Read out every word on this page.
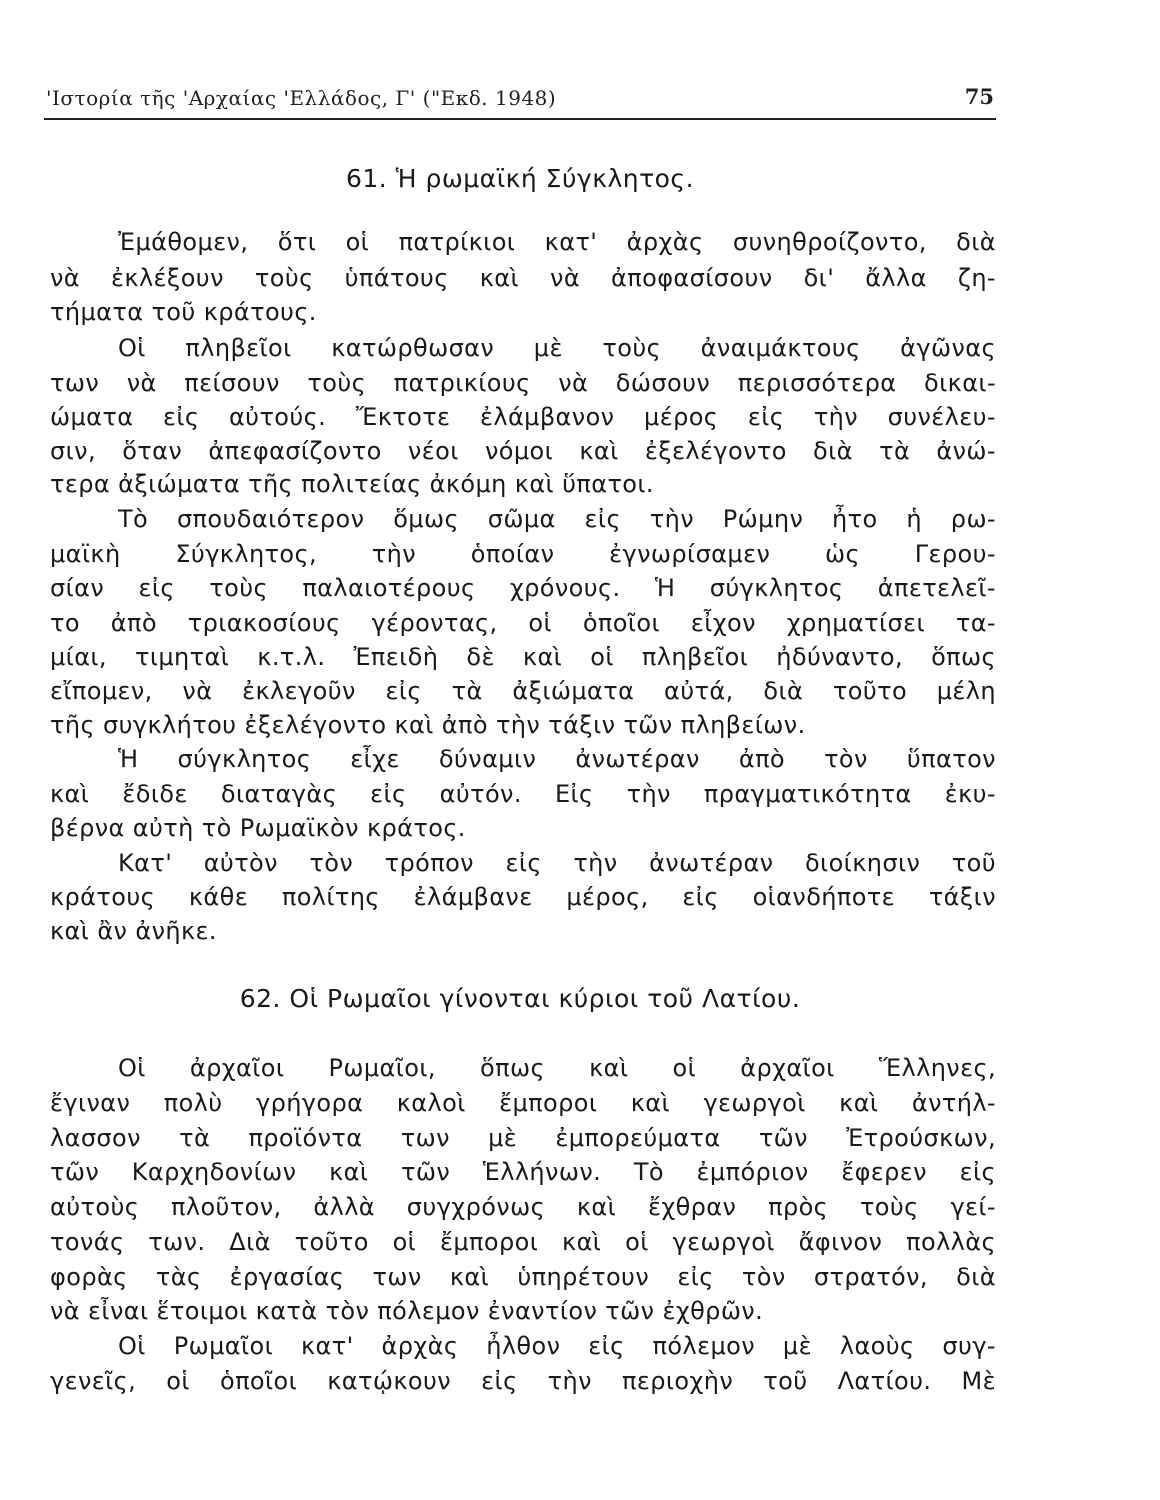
'Ιστορία τῆς 'Αρχαίας 'Ελλάδος, Γ' ("Εκδ. 1948)	75
61. Ἡ ρωμαϊκή Σύγκλητος.
Ἐμάθομεν, ὅτι οἱ πατρίκιοι κατ' ἀρχὰς συνηθροίζοντο, διὰ
νὰ ἐκλέξουν τοὺς ὑπάτους καὶ νὰ ἀποφασίσουν δι' ἄλλα ζη-
τήματα τοῦ κράτους.
Οἱ πληβεῖοι κατώρθωσαν μὲ τοὺς ἀναιμάκτους ἀγῶνας
των νὰ πείσουν τοὺς πατρικίους νὰ δώσουν περισσότερα δικαι-
ώματα εἰς αὐτούς. Ἔκτοτε ἐλάμβανον μέρος εἰς τὴν συνέλευ-
σιν, ὅταν ἀπεφασίζοντο νέοι νόμοι καὶ ἐξελέγοντο διὰ τὰ ἀνώ-
τερα ἀξιώματα τῆς πολιτείας ἀκόμη καὶ ὕπατοι.
Τὸ σπουδαιότερον ὅμως σῶμα εἰς τὴν Ρώμην ἦτο ἡ ρω-
μαϊκὴ Σύγκλητος, τὴν ὁποίαν ἐγνωρίσαμεν ὡς Γερου-
σίαν εἰς τοὺς παλαιοτέρους χρόνους. Ἡ σύγκλητος ἀπετελεῖ-
το ἀπὸ τριακοσίους γέροντας, οἱ ὁποῖοι εἶχον χρηματίσει τα-
μίαι, τιμηταὶ κ.τ.λ. Ἐπειδὴ δὲ καὶ οἱ πληβεῖοι ἠδύναντο, ὅπως
εἴπομεν, νὰ ἐκλεγοῦν εἰς τὰ ἀξιώματα αὐτά, διὰ τοῦτο μέλη
τῆς συγκλήτου ἐξελέγοντο καὶ ἀπὸ τὴν τάξιν τῶν πληβείων.
Ἡ σύγκλητος εἶχε δύναμιν ἀνωτέραν ἀπὸ τὸν ὕπατον
καὶ ἔδιδε διαταγὰς εἰς αὐτόν. Εἰς τὴν πραγματικότητα ἐκυ-
βέρνα αὐτὴ τὸ Ρωμαϊκὸν κράτος.
Κατ' αὐτὸν τὸν τρόπον εἰς τὴν ἀνωτέραν διοίκησιν τοῦ
κράτους κάθε πολίτης ἐλάμβανε μέρος, εἰς οἱανδήποτε τάξιν
καὶ ἂν ἀνῆκε.
62. Οἱ Ρωμαῖοι γίνονται κύριοι τοῦ Λατίου.
Οἱ ἀρχαῖοι Ρωμαῖοι, ὅπως καὶ οἱ ἀρχαῖοι Ἕλληνες,
ἔγιναν πολὺ γρήγορα καλοὶ ἔμποροι καὶ γεωργοὶ καὶ ἀντήλ-
λασσον τὰ προϊόντα των μὲ ἐμπορεύματα τῶν Ἐτρούσκων,
τῶν Καρχηδονίων καὶ τῶν Ἑλλήνων. Τὸ ἐμπόριον ἔφερεν εἰς
αὐτοὺς πλοῦτον, ἀλλὰ συγχρόνως καὶ ἔχθραν πρὸς τοὺς γεί-
τονάς των. Διὰ τοῦτο οἱ ἔμποροι καὶ οἱ γεωργοὶ ἄφινον πολλὰς
φορὰς τὰς ἐργασίας των καὶ ὑπηρέτουν εἰς τὸν στρατόν, διὰ
νὰ εἶναι ἕτοιμοι κατὰ τὸν πόλεμον ἐναντίον τῶν ἐχθρῶν.
Οἱ Ρωμαῖοι κατ' ἀρχὰς ἦλθον εἰς πόλεμον μὲ λαοὺς συγ-
γενεῖς, οἱ ὁποῖοι κατῴκουν εἰς τὴν περιοχὴν τοῦ Λατίου. Μὲ
